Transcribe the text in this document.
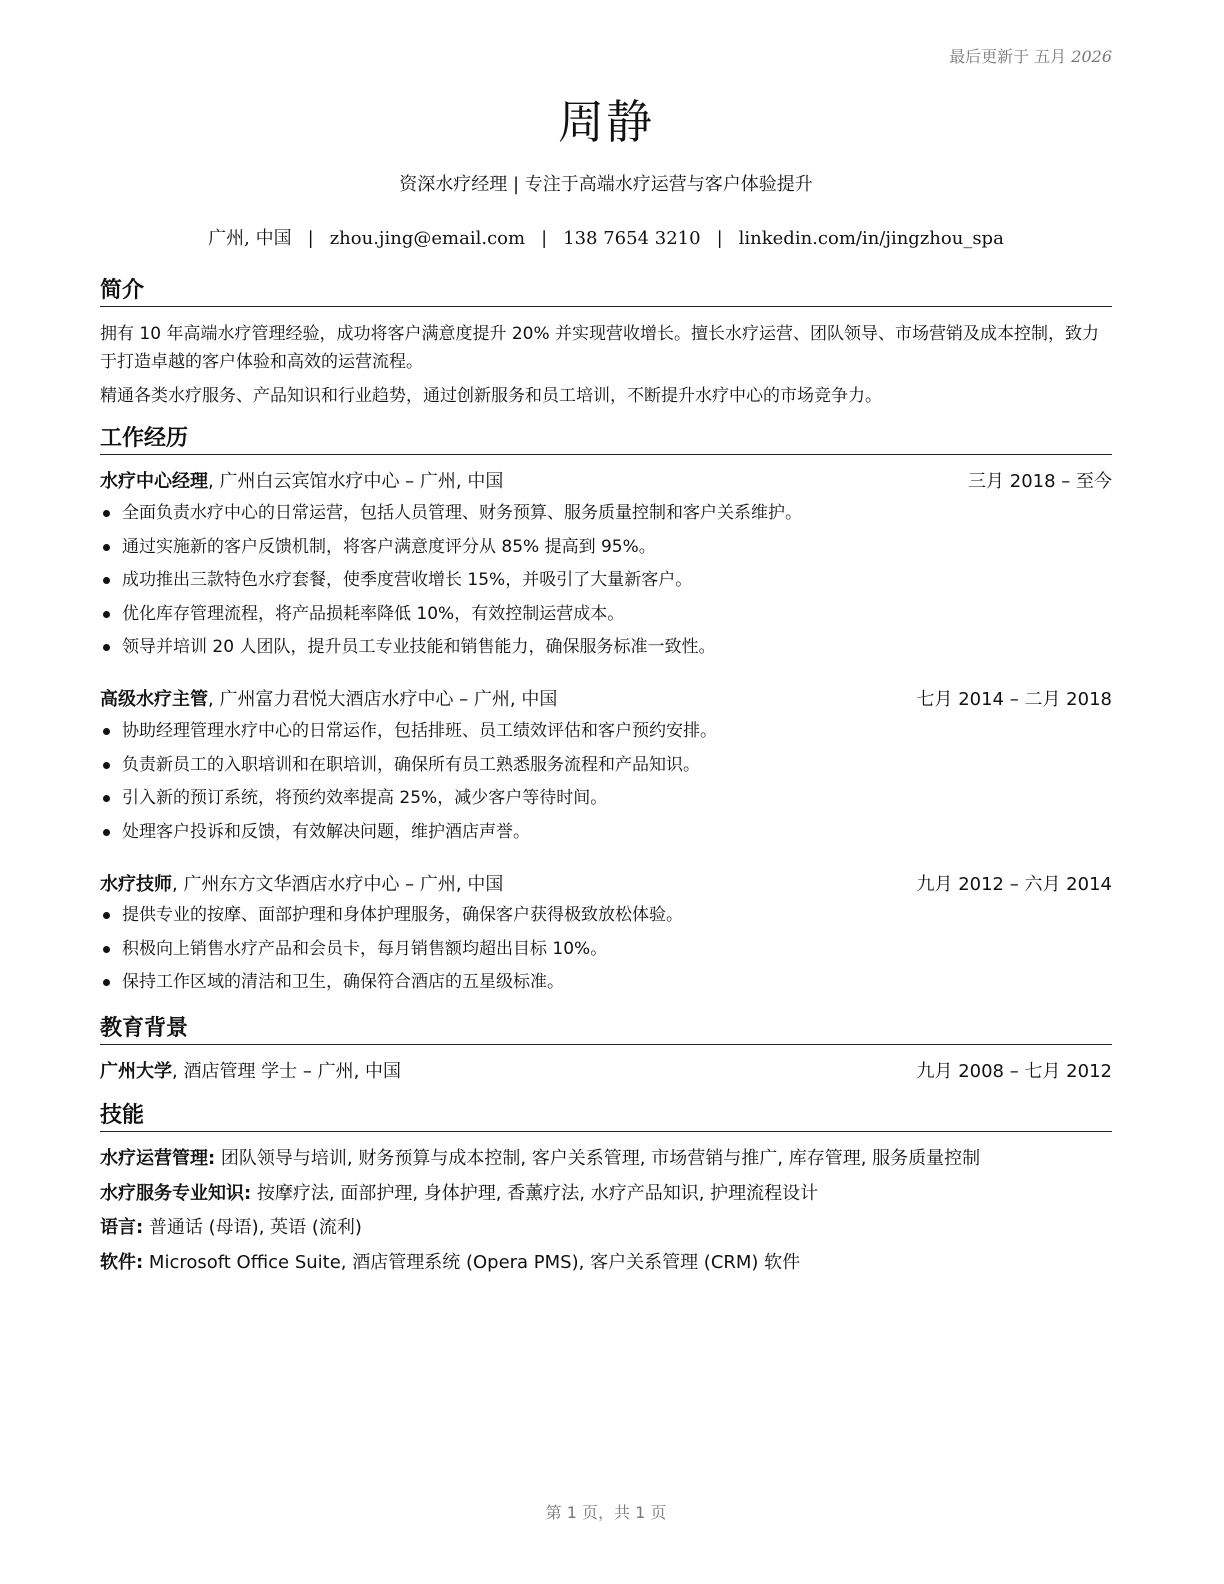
最后更新于 五月 2026
周静
资深水疗经理 | 专注于高端水疗运营与客户体验提升
广州, 中国 | zhou.jing@email.com | 138 7654 3210 | linkedin.com/in/jingzhou_spa
简介
拥有 10 年高端水疗管理经验，成功将客户满意度提升 20% 并实现营收增长。擅长水疗运营、团队领导、市场营销及成本控制，致力于打造卓越的客户体验和高效的运营流程。
精通各类水疗服务、产品知识和行业趋势，通过创新服务和员工培训，不断提升水疗中心的市场竞争力。
工作经历
水疗中心经理, 广州白云宾馆水疗中心 – 广州, 中国	三月 2018 – 至今
全面负责水疗中心的日常运营，包括人员管理、财务预算、服务质量控制和客户关系维护。
通过实施新的客户反馈机制，将客户满意度评分从 85% 提高到 95%。
成功推出三款特色水疗套餐，使季度营收增长 15%，并吸引了大量新客户。
优化库存管理流程，将产品损耗率降低 10%，有效控制运营成本。
领导并培训 20 人团队，提升员工专业技能和销售能力，确保服务标准一致性。
高级水疗主管, 广州富力君悦大酒店水疗中心 – 广州, 中国	七月 2014 – 二月 2018
协助经理管理水疗中心的日常运作，包括排班、员工绩效评估和客户预约安排。
负责新员工的入职培训和在职培训，确保所有员工熟悉服务流程和产品知识。
引入新的预订系统，将预约效率提高 25%，减少客户等待时间。
处理客户投诉和反馈，有效解决问题，维护酒店声誉。
水疗技师, 广州东方文华酒店水疗中心 – 广州, 中国	九月 2012 – 六月 2014
提供专业的按摩、面部护理和身体护理服务，确保客户获得极致放松体验。
积极向上销售水疗产品和会员卡，每月销售额均超出目标 10%。
保持工作区域的清洁和卫生，确保符合酒店的五星级标准。
教育背景
广州大学, 酒店管理 学士 – 广州, 中国	九月 2008 – 七月 2012
技能
水疗运营管理: 团队领导与培训, 财务预算与成本控制, 客户关系管理, 市场营销与推广, 库存管理, 服务质量控制
水疗服务专业知识: 按摩疗法, 面部护理, 身体护理, 香薰疗法, 水疗产品知识, 护理流程设计
语言: 普通话 (母语), 英语 (流利)
软件: Microsoft Office Suite, 酒店管理系统 (Opera PMS), 客户关系管理 (CRM) 软件
第 1 页，共 1 页
